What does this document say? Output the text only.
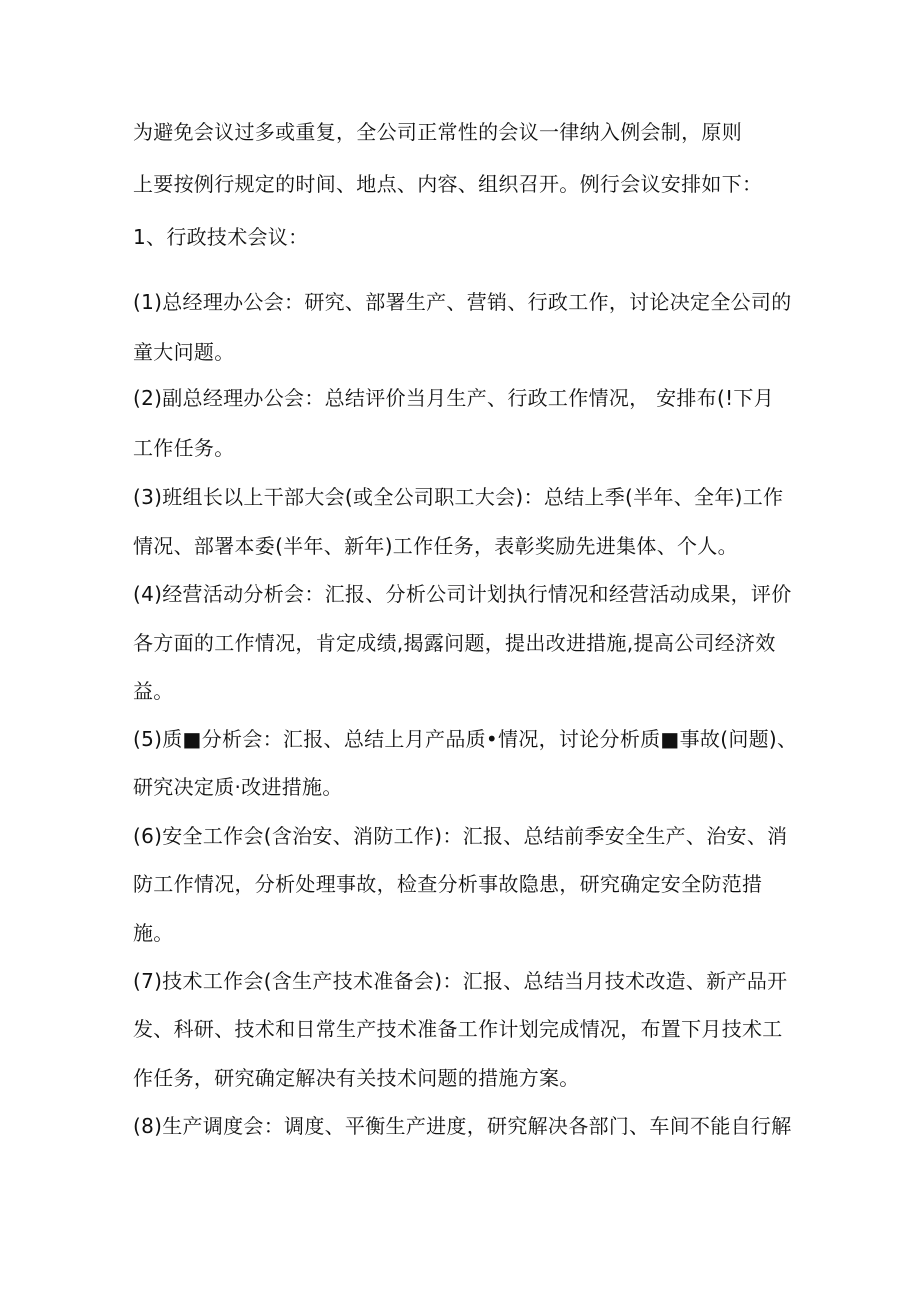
为避免会议过多或重复，全公司正常性的会议一律纳入例会制，原则
上要按例行规定的时间、地点、内容、组织召开。例行会议安排如下：
1、行政技术会议：
(1)总经理办公会：研究、部署生产、营销、行政工作，讨论决定全公司的
童大问题。
(2)副总经理办公会：总结评价当月生产、行政工作情况， 安排布(!下月
工作任务。
(3)班组长以上干部大会(或全公司职工大会)：总结上季(半年、全年)工作
情况、部署本委(半年、新年)工作任务，表彰奖励先进集体、个人。
(4)经营活动分析会：汇报、分析公司计划执行情况和经营活动成果，评价
各方面的工作情况，肯定成绩,揭露问题，提出改进措施,提高公司经济效
益。
(5)质■分析会：汇报、总结上月产品质•情况，讨论分析质■事故(问题)、
研究决定质·改进措施。
(6)安全工作会(含治安、消防工作)：汇报、总结前季安全生产、治安、消
防工作情况，分析处理事故，检查分析事故隐患，研究确定安全防范措
施。
(7)技术工作会(含生产技术准备会)：汇报、总结当月技术改造、新产品开
发、科研、技术和日常生产技术准备工作计划完成情况，布置下月技术工
作任务，研究确定解决有关技术问题的措施方案。
(8)生产调度会：调度、平衡生产进度，研究解决各部门、车间不能自行解
